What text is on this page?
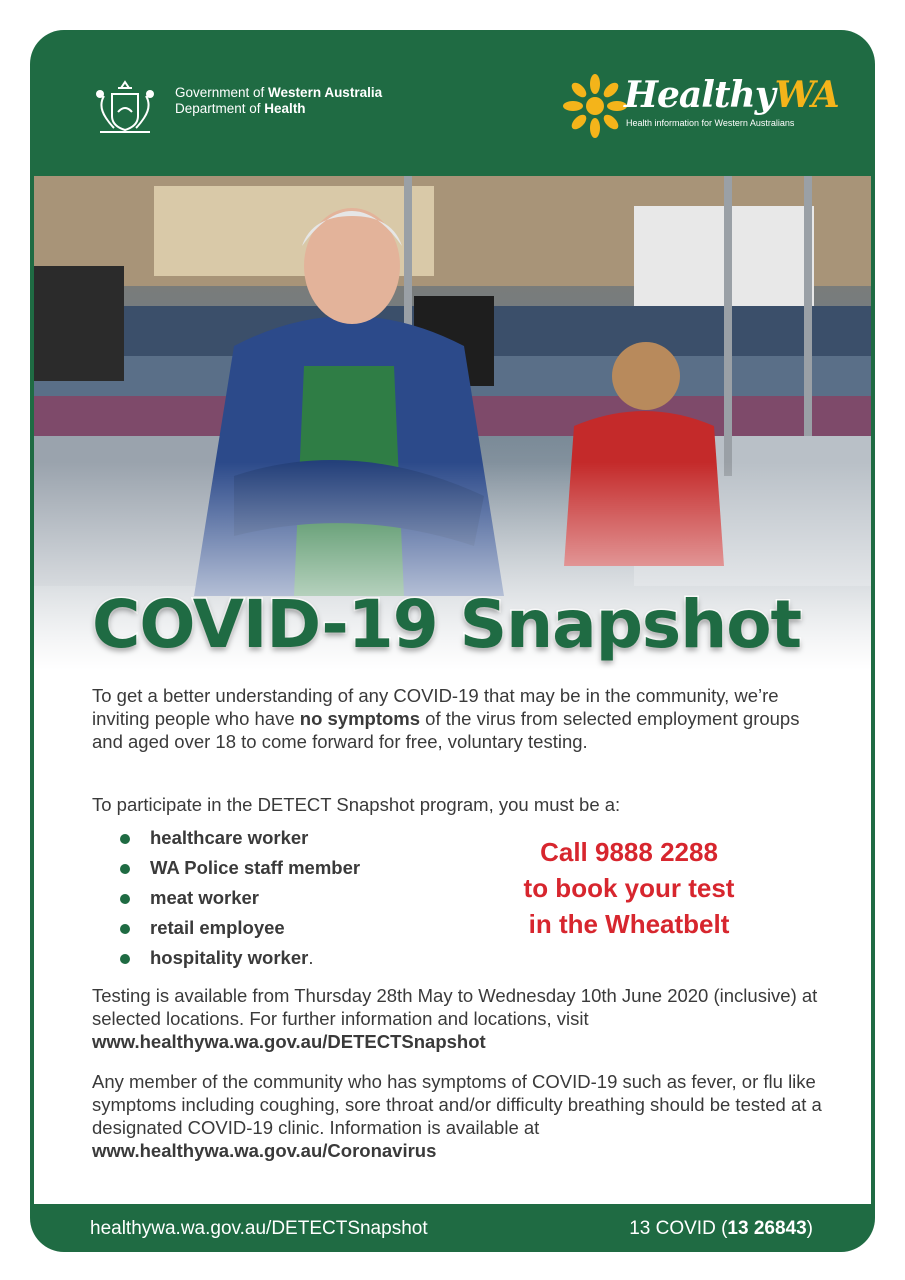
Government of Western Australia
Department of Health	HealthyWA
Health information for Western Australians
COVID-19 Snapshot
To get a better understanding of any COVID-19 that may be in the community, we’re inviting people who have no symptoms of the virus from selected employment groups and aged over 18 to come forward for free, voluntary testing.
To participate in the DETECT Snapshot program, you must be a:
healthcare worker
WA Police staff member
meat worker
retail employee
hospitality worker.
Call 9888 2288
to book your test
in the Wheatbelt
Testing is available from Thursday 28th May to Wednesday 10th June 2020 (inclusive) at selected locations. For further information and locations, visit www.healthywa.wa.gov.au/DETECTSnapshot
Any member of the community who has symptoms of COVID-19 such as fever, or flu like symptoms including coughing, sore throat and/or difficulty breathing should be tested at a designated COVID-19 clinic. Information is available at www.healthywa.wa.gov.au/Coronavirus
healthywa.wa.gov.au/DETECTSnapshot	13 COVID (13 26843)
